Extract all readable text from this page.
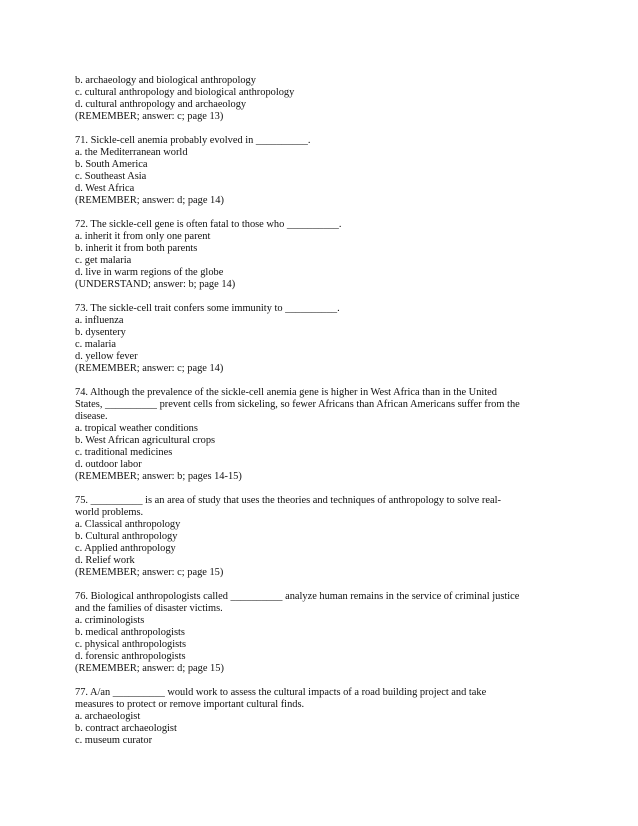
b. archaeology and biological anthropology
c. cultural anthropology and biological anthropology
d. cultural anthropology and archaeology
(REMEMBER; answer: c; page 13)
71. Sickle-cell anemia probably evolved in __________.
a. the Mediterranean world
b. South America
c. Southeast Asia
d. West Africa
(REMEMBER; answer: d; page 14)
72. The sickle-cell gene is often fatal to those who __________.
a. inherit it from only one parent
b. inherit it from both parents
c. get malaria
d. live in warm regions of the globe
(UNDERSTAND; answer: b; page 14)
73. The sickle-cell trait confers some immunity to __________.
a. influenza
b. dysentery
c. malaria
d. yellow fever
(REMEMBER; answer: c; page 14)
74. Although the prevalence of the sickle-cell anemia gene is higher in West Africa than in the United
States, __________ prevent cells from sickeling, so fewer Africans than African Americans suffer from the
disease.
a. tropical weather conditions
b. West African agricultural crops
c. traditional medicines
d. outdoor labor
(REMEMBER; answer: b; pages 14-15)
75. __________ is an area of study that uses the theories and techniques of anthropology to solve real-
world problems.
a. Classical anthropology
b. Cultural anthropology
c. Applied anthropology
d. Relief work
(REMEMBER; answer: c; page 15)
76. Biological anthropologists called __________ analyze human remains in the service of criminal justice
and the families of disaster victims.
a. criminologists
b. medical anthropologists
c. physical anthropologists
d. forensic anthropologists
(REMEMBER; answer: d; page 15)
77. A/an __________ would work to assess the cultural impacts of a road building project and take
measures to protect or remove important cultural finds.
a. archaeologist
b. contract archaeologist
c. museum curator
